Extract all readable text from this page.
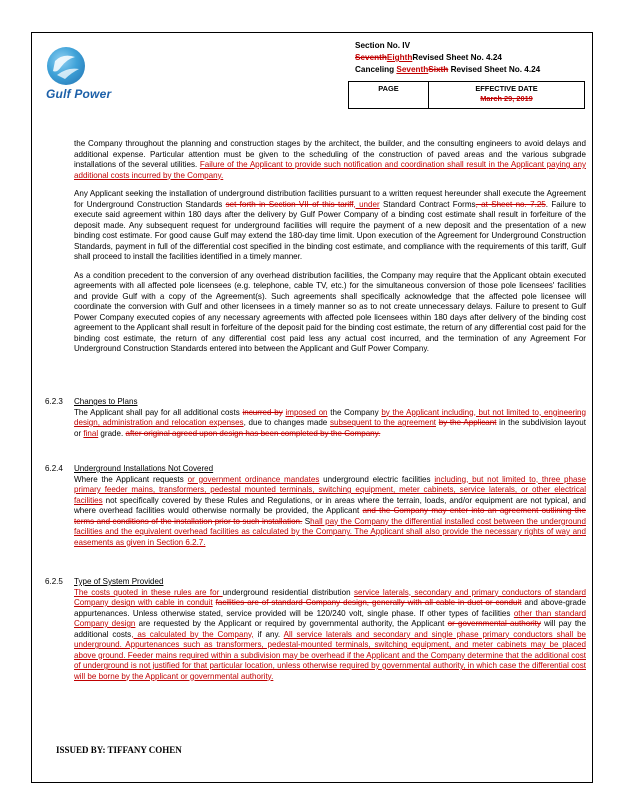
Gulf Power
Section No. IV
SeventhEighthRevised Sheet No. 4.24
Canceling SeventhSixth Revised Sheet No. 4.24
PAGE	EFFECTIVE DATE
March 29, 2019

the Company throughout the planning and construction stages by the architect, the builder, and the consulting engineers to avoid delays and additional expense. Particular attention must be given to the scheduling of the construction of paved areas and the various subgrade installations of the several utilities. Failure of the Applicant to provide such notification and coordination shall result in the Applicant paying any additional costs incurred by the Company.

Any Applicant seeking the installation of underground distribution facilities pursuant to a written request hereunder shall execute the Agreement for Underground Construction Standards set forth in Section VII of this tariff, under Standard Contract Forms, at Sheet no. 7.25. Failure to execute said agreement within 180 days after the delivery by Gulf Power Company of a binding cost estimate shall result in forfeiture of the deposit made. Any subsequent request for underground facilities will require the payment of a new deposit and the presentation of a new binding cost estimate. For good cause Gulf may extend the 180-day time limit. Upon execution of the Agreement for Underground Construction Standards, payment in full of the differential cost specified in the binding cost estimate, and compliance with the requirements of this tariff, Gulf shall proceed to install the facilities identified in a timely manner.

As a condition precedent to the conversion of any overhead distribution facilities, the Company may require that the Applicant obtain executed agreements with all affected pole licensees (e.g. telephone, cable TV, etc.) for the simultaneous conversion of those pole licensees' facilities and provide Gulf with a copy of the Agreement(s). Such agreements shall specifically acknowledge that the affected pole licensee will coordinate the conversion with Gulf and other licensees in a timely manner so as to not create unnecessary delays. Failure to present to Gulf Power Company executed copies of any necessary agreements with affected pole licensees within 180 days after delivery of the binding cost agreement to the Applicant shall result in forfeiture of the deposit paid for the binding cost estimate, the return of any differential cost paid for the binding cost estimate, the return of any differential cost paid less any actual cost incurred, and the termination of any Agreement For Underground Construction Standards entered into between the Applicant and Gulf Power Company.

6.2.3 Changes to Plans
The Applicant shall pay for all additional costs incurred by imposed on the Company by the Applicant including, but not limited to, engineering design, administration and relocation expenses, due to changes made subsequent to the agreement by the Applicant in the subdivision layout or final grade. after original agreed upon design has been completed by the Company.
6.2.4 Underground Installations Not Covered
Where the Applicant requests or government ordinance mandates underground electric facilities including, but not limited to, three phase primary feeder mains, transformers, pedestal mounted terminals, switching equipment, meter cabinets, service laterals, or other electrical facilities not specifically covered by these Rules and Regulations, or in areas where the terrain, loads, and/or equipment are not typical, and where overhead facilities would otherwise normally be provided, the Applicant and the Company may enter into an agreement outlining the terms and conditions of the installation prior to such installation. Shall pay the Company the differential installed cost between the underground facilities and the equivalent overhead facilities as calculated by the Company. The Applicant shall also provide the necessary rights of way and easements as given in Section 6.2.7.
6.2.5 Type of System Provided
The costs quoted in these rules are for underground residential distribution service laterals, secondary and primary conductors of standard Company design with cable in conduit facilities are of standard Company design, generally with all cable in duct or conduit and above-grade appurtenances. Unless otherwise stated, service provided will be 120/240 volt, single phase. If other types of facilities other than standard Company design are requested by the Applicant or required by governmental authority, the Applicant or governmental authority will pay the additional costs, as calculated by the Company, if any. All service laterals and secondary and single phase primary conductors shall be underground. Appurtenances such as transformers, pedestal-mounted terminals, switching equipment, and meter cabinets may be placed above ground. Feeder mains required within a subdivision may be overhead if the Applicant and the Company determine that the additional cost of underground is not justified for that particular location, unless otherwise required by governmental authority, in which case the differential cost will be borne by the Applicant or governmental authority.
ISSUED BY: TIFFANY COHEN
